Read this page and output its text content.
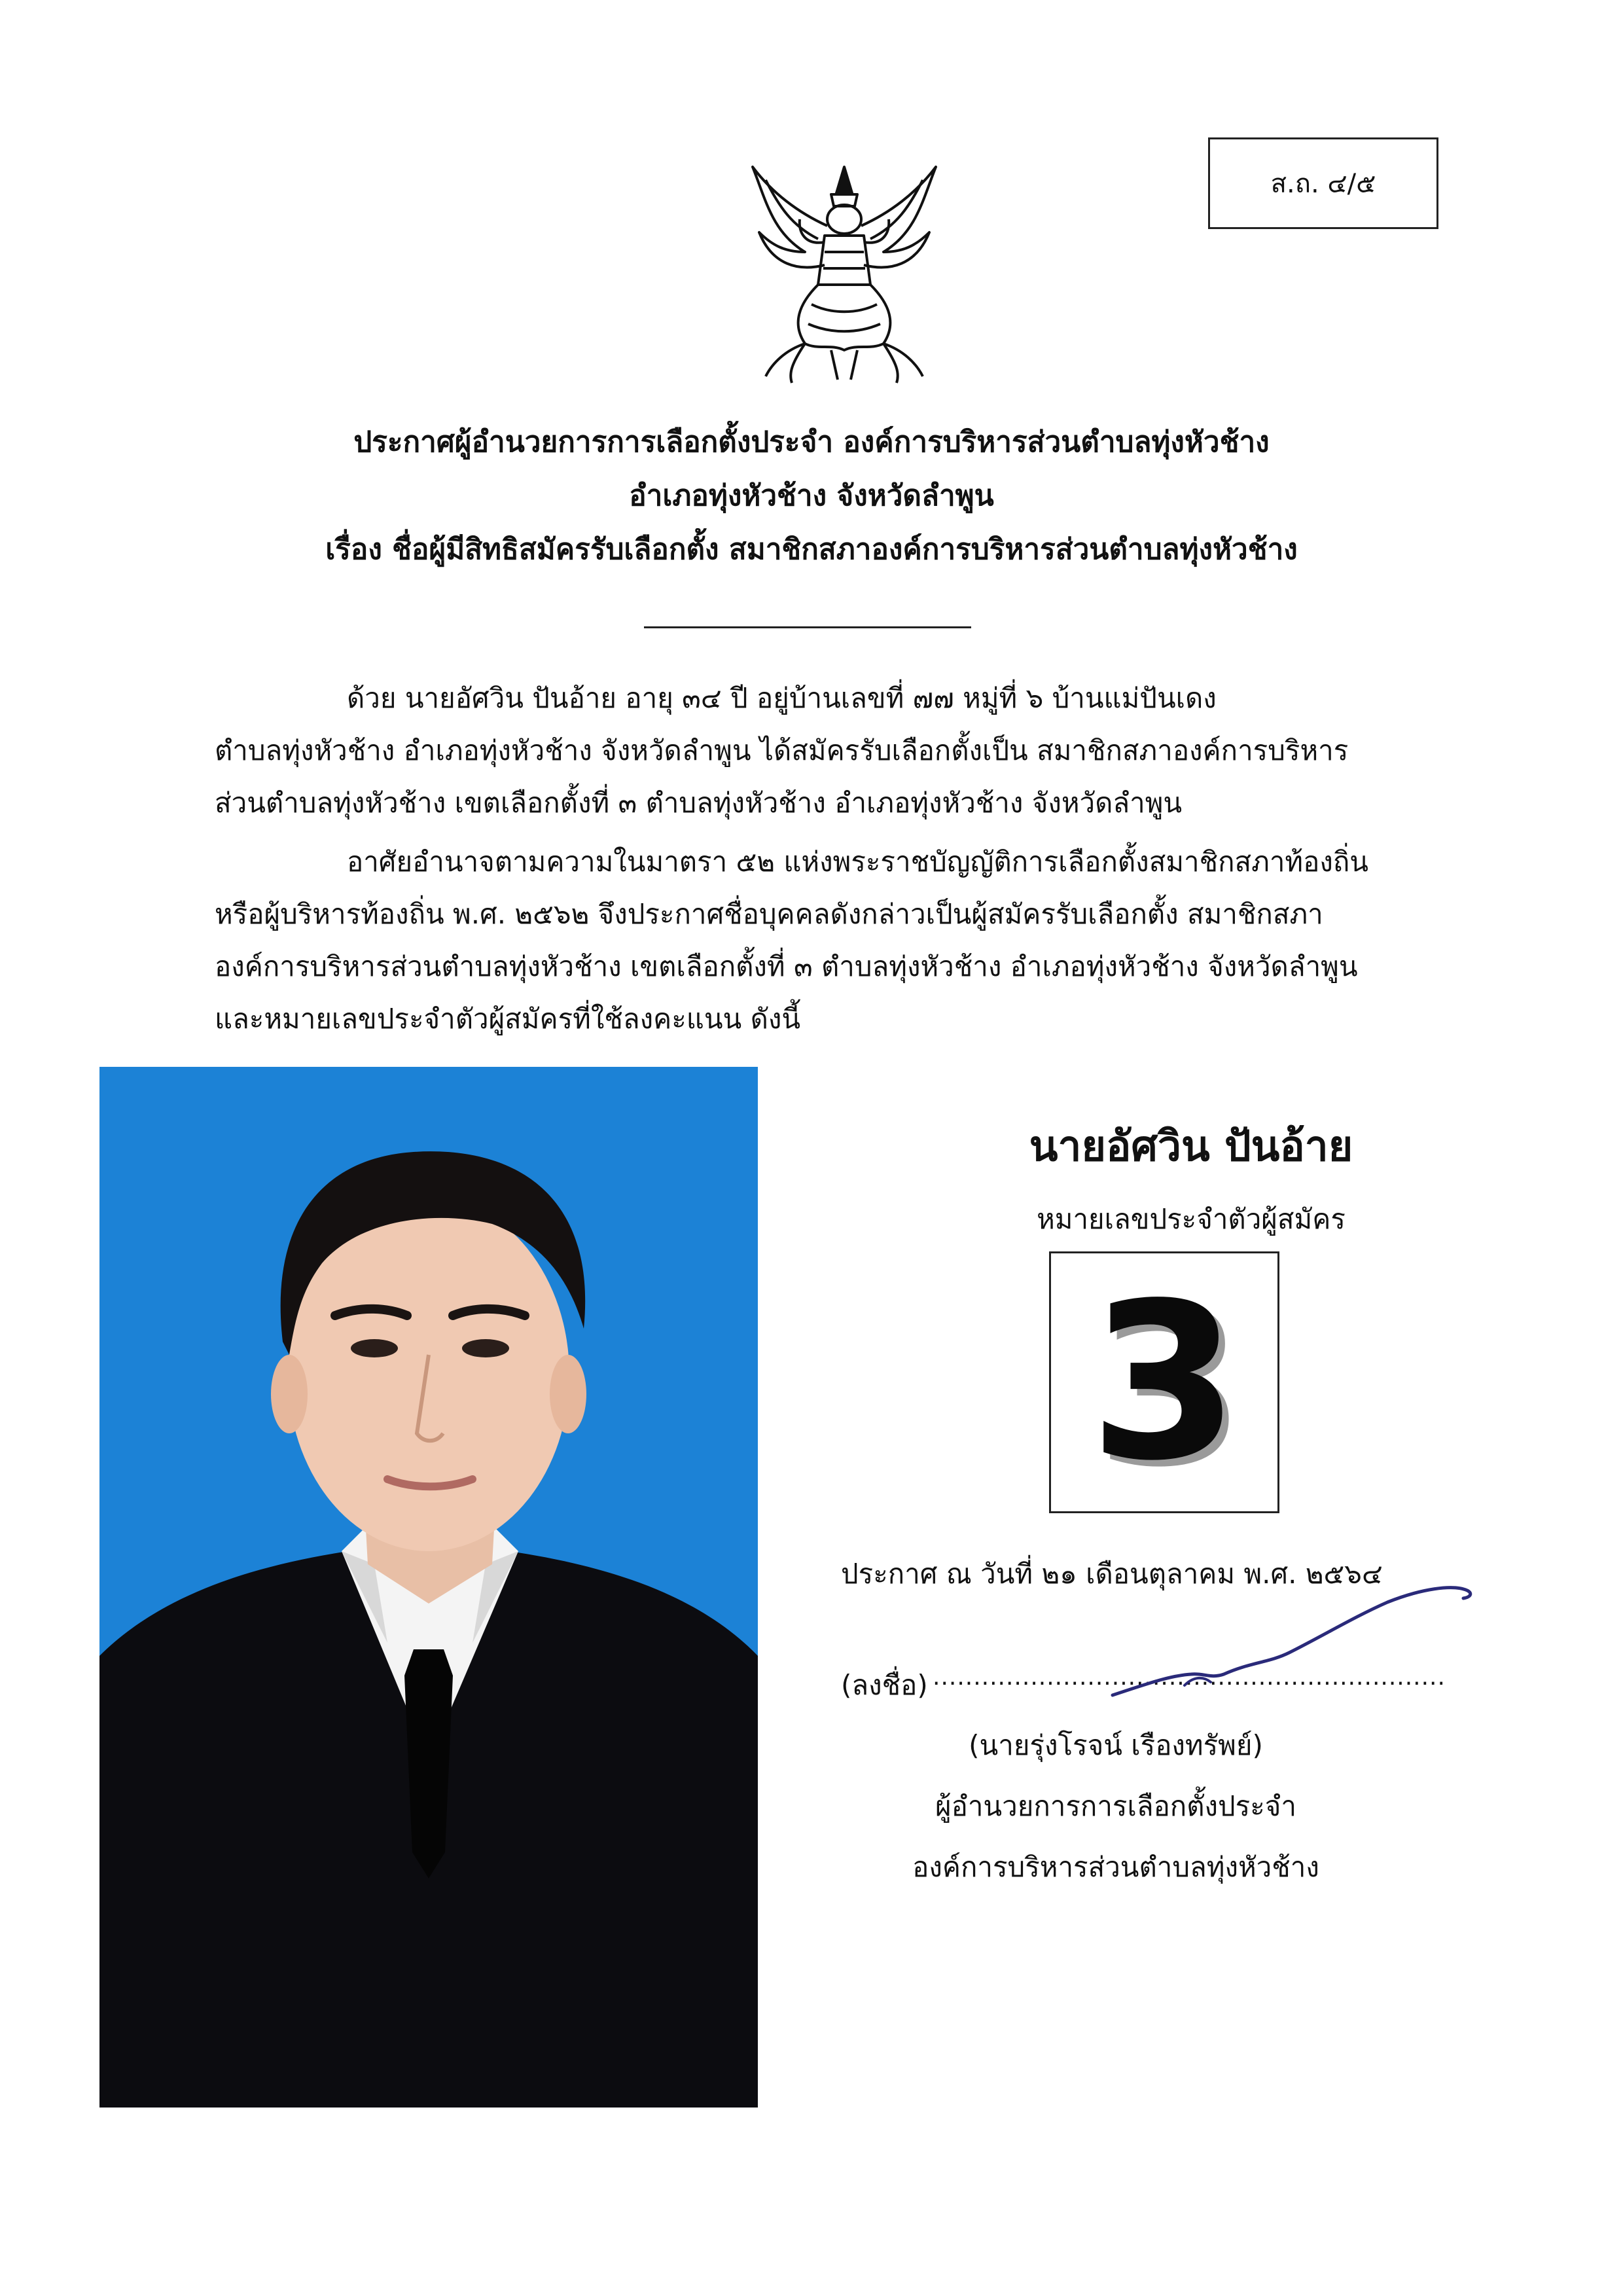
ส.ถ. ๔/๕
ประกาศผู้อำนวยการการเลือกตั้งประจำ องค์การบริหารส่วนตำบลทุ่งหัวช้าง
อำเภอทุ่งหัวช้าง จังหวัดลำพูน
เรื่อง ชื่อผู้มีสิทธิสมัครรับเลือกตั้ง สมาชิกสภาองค์การบริหารส่วนตำบลทุ่งหัวช้าง
ด้วย นายอัศวิน ปันอ้าย อายุ ๓๔ ปี อยู่บ้านเลขที่ ๗๗ หมู่ที่ ๖ บ้านแม่ปันเดง
ตำบลทุ่งหัวช้าง อำเภอทุ่งหัวช้าง จังหวัดลำพูน ได้สมัครรับเลือกตั้งเป็น สมาชิกสภาองค์การบริหาร
ส่วนตำบลทุ่งหัวช้าง เขตเลือกตั้งที่ ๓ ตำบลทุ่งหัวช้าง อำเภอทุ่งหัวช้าง จังหวัดลำพูน
อาศัยอำนาจตามความในมาตรา ๕๒ แห่งพระราชบัญญัติการเลือกตั้งสมาชิกสภาท้องถิ่น
หรือผู้บริหารท้องถิ่น พ.ศ. ๒๕๖๒ จึงประกาศชื่อบุคคลดังกล่าวเป็นผู้สมัครรับเลือกตั้ง สมาชิกสภา
องค์การบริหารส่วนตำบลทุ่งหัวช้าง เขตเลือกตั้งที่ ๓ ตำบลทุ่งหัวช้าง อำเภอทุ่งหัวช้าง จังหวัดลำพูน
และหมายเลขประจำตัวผู้สมัครที่ใช้ลงคะแนน ดังนี้
นายอัศวิน ปันอ้าย
หมายเลขประจำตัวผู้สมัคร
3
ประกาศ ณ วันที่ ๒๑ เดือนตุลาคม พ.ศ. ๒๕๖๔
(ลงชื่อ) ...............................................................
(นายรุ่งโรจน์ เรืองทรัพย์)
ผู้อำนวยการการเลือกตั้งประจำ
องค์การบริหารส่วนตำบลทุ่งหัวช้าง
